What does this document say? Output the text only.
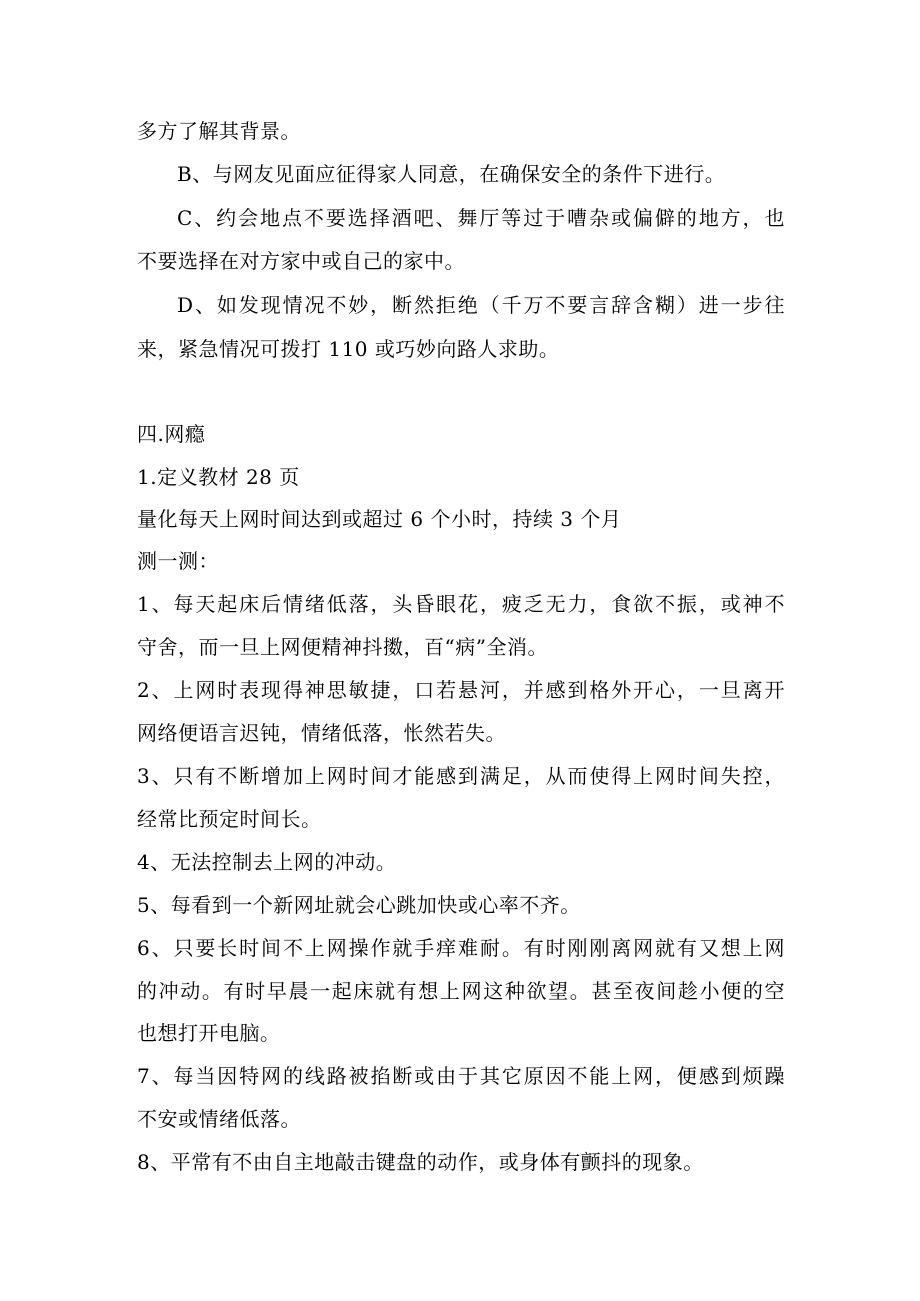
多方了解其背景。
B、与网友见面应征得家人同意，在确保安全的条件下进行。
C、约会地点不要选择酒吧、舞厅等过于嘈杂或偏僻的地方，也
不要选择在对方家中或自己的家中。
D、如发现情况不妙，断然拒绝（千万不要言辞含糊）进一步往
来，紧急情况可拨打 110 或巧妙向路人求助。
四.网瘾
1.定义教材 28 页
量化每天上网时间达到或超过 6 个小时，持续 3 个月
测一测：
1、每天起床后情绪低落，头昏眼花，疲乏无力，食欲不振，或神不
守舍，而一旦上网便精神抖擞，百“病”全消。
2、上网时表现得神思敏捷，口若悬河，并感到格外开心，一旦离开
网络便语言迟钝，情绪低落，怅然若失。
3、只有不断增加上网时间才能感到满足，从而使得上网时间失控，
经常比预定时间长。
4、无法控制去上网的冲动。
5、每看到一个新网址就会心跳加快或心率不齐。
6、只要长时间不上网操作就手痒难耐。有时刚刚离网就有又想上网
的冲动。有时早晨一起床就有想上网这种欲望。甚至夜间趁小便的空
也想打开电脑。
7、每当因特网的线路被掐断或由于其它原因不能上网，便感到烦躁
不安或情绪低落。
8、平常有不由自主地敲击键盘的动作，或身体有颤抖的现象。
